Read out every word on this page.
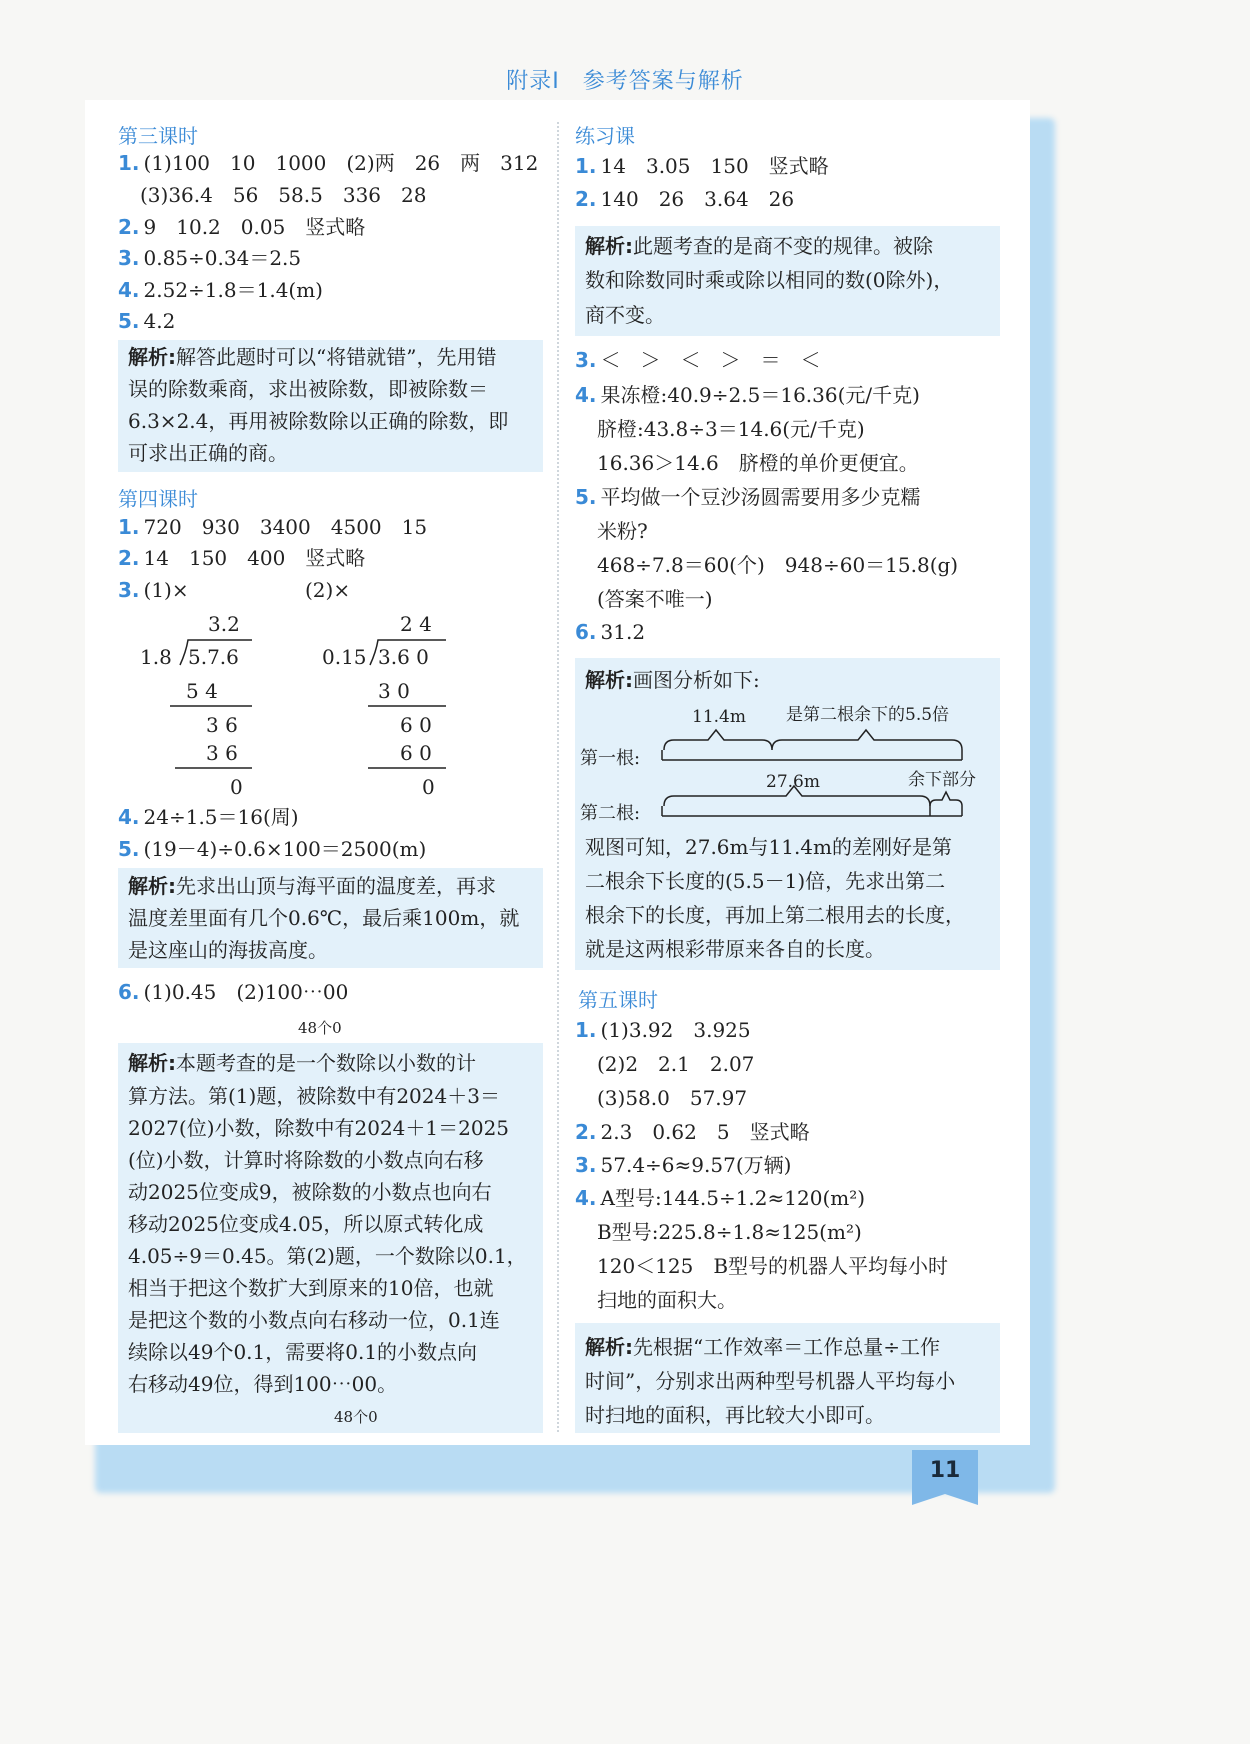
附录Ⅰ　参考答案与解析
第三课时
1. (1)100　10　1000　(2)两　26　两　312
(3)36.4　56　58.5　336　28
2. 9　10.2　0.05　竖式略
3. 0.85÷0.34＝2.5
4. 2.52÷1.8＝1.4(m)
5. 4.2
解析:解答此题时可以“将错就错”，先用错
误的除数乘商，求出被除数，即被除数＝
6.3×2.4，再用被除数除以正确的除数，即
可求出正确的商。
第四课时
1. 720　930　3400　4500　15
2. 14　150　400　竖式略
3. (1)×	(2)×
3.2
1.8 5.7.6
5 4
3 6
3 6
0
2 4
0.15 3.6 0
3 0
6 0
6 0
0
4. 24÷1.5＝16(周)
5. (19－4)÷0.6×100＝2500(m)
解析:先求出山顶与海平面的温度差，再求
温度差里面有几个0.6℃，最后乘100m，就
是这座山的海拔高度。
6. (1)0.45　(2)100⋯00
48个0
解析:本题考查的是一个数除以小数的计
算方法。第(1)题，被除数中有2024＋3＝
2027(位)小数，除数中有2024＋1＝2025
(位)小数，计算时将除数的小数点向右移
动2025位变成9，被除数的小数点也向右
移动2025位变成4.05，所以原式转化成
4.05÷9＝0.45。第(2)题，一个数除以0.1，
相当于把这个数扩大到原来的10倍，也就
是把这个数的小数点向右移动一位，0.1连
续除以49个0.1，需要将0.1的小数点向
右移动49位，得到100⋯00。
48个0
练习课
1. 14　3.05　150　竖式略
2. 140　26　3.64　26
解析:此题考查的是商不变的规律。被除
数和除数同时乘或除以相同的数(0除外)，
商不变。
3. ＜　＞　＜　＞　＝　＜
4. 果冻橙:40.9÷2.5＝16.36(元/千克)
脐橙:43.8÷3＝14.6(元/千克)
16.36＞14.6　脐橙的单价更便宜。
5. 平均做一个豆沙汤圆需要用多少克糯
米粉?
468÷7.8＝60(个)　948÷60＝15.8(g)
(答案不唯一)
6. 31.2
解析:画图分析如下:
第一根:
第二根:
11.4m 是第二根余下的5.5倍
27.6m	余下部分
观图可知，27.6m与11.4m的差刚好是第
二根余下长度的(5.5－1)倍，先求出第二
根余下的长度，再加上第二根用去的长度，
就是这两根彩带原来各自的长度。
第五课时
1. (1)3.92　3.925
(2)2　2.1　2.07
(3)58.0　57.97
2. 2.3　0.62　5　竖式略
3. 57.4÷6≈9.57(万辆)
4. A型号:144.5÷1.2≈120(m²)
B型号:225.8÷1.8≈125(m²)
120＜125　B型号的机器人平均每小时
扫地的面积大。
解析:先根据“工作效率＝工作总量÷工作
时间”，分别求出两种型号机器人平均每小
时扫地的面积，再比较大小即可。
11
